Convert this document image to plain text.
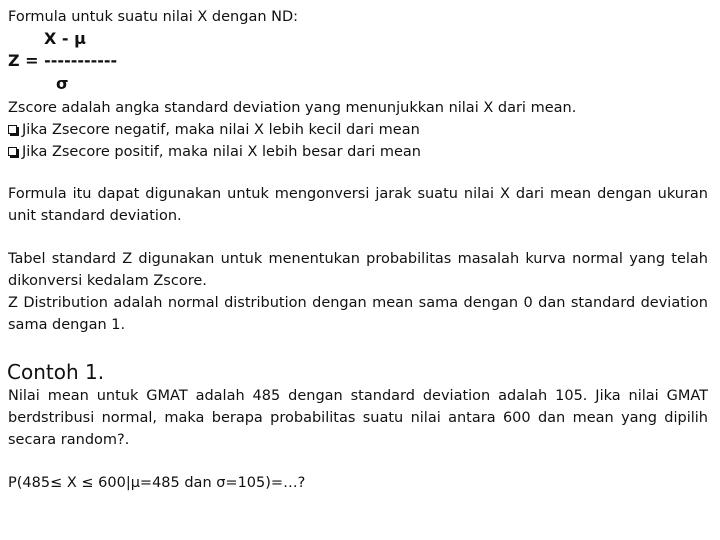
Formula untuk suatu nilai X dengan ND:
X - µ
Z = -----------
σ
Zscore adalah angka standard deviation yang menunjukkan nilai X dari mean.
Jika Zsecore negatif, maka nilai X lebih kecil dari mean
Jika Zsecore positif, maka nilai X lebih besar dari mean
Formula itu dapat digunakan untuk mengonversi jarak suatu nilai X dari mean dengan ukuran
unit standard deviation.
Tabel standard Z digunakan untuk menentukan probabilitas masalah kurva normal yang telah
dikonversi kedalam Zscore.
Z Distribution adalah normal distribution dengan mean sama dengan 0 dan standard deviation
sama dengan 1.
Contoh 1.
Nilai mean untuk GMAT adalah 485 dengan standard deviation adalah 105. Jika nilai GMAT
berdstribusi normal, maka berapa probabilitas suatu nilai antara 600 dan mean yang dipilih
secara random?.
P(485≤ X ≤ 600|µ=485 dan σ=105)=…?
